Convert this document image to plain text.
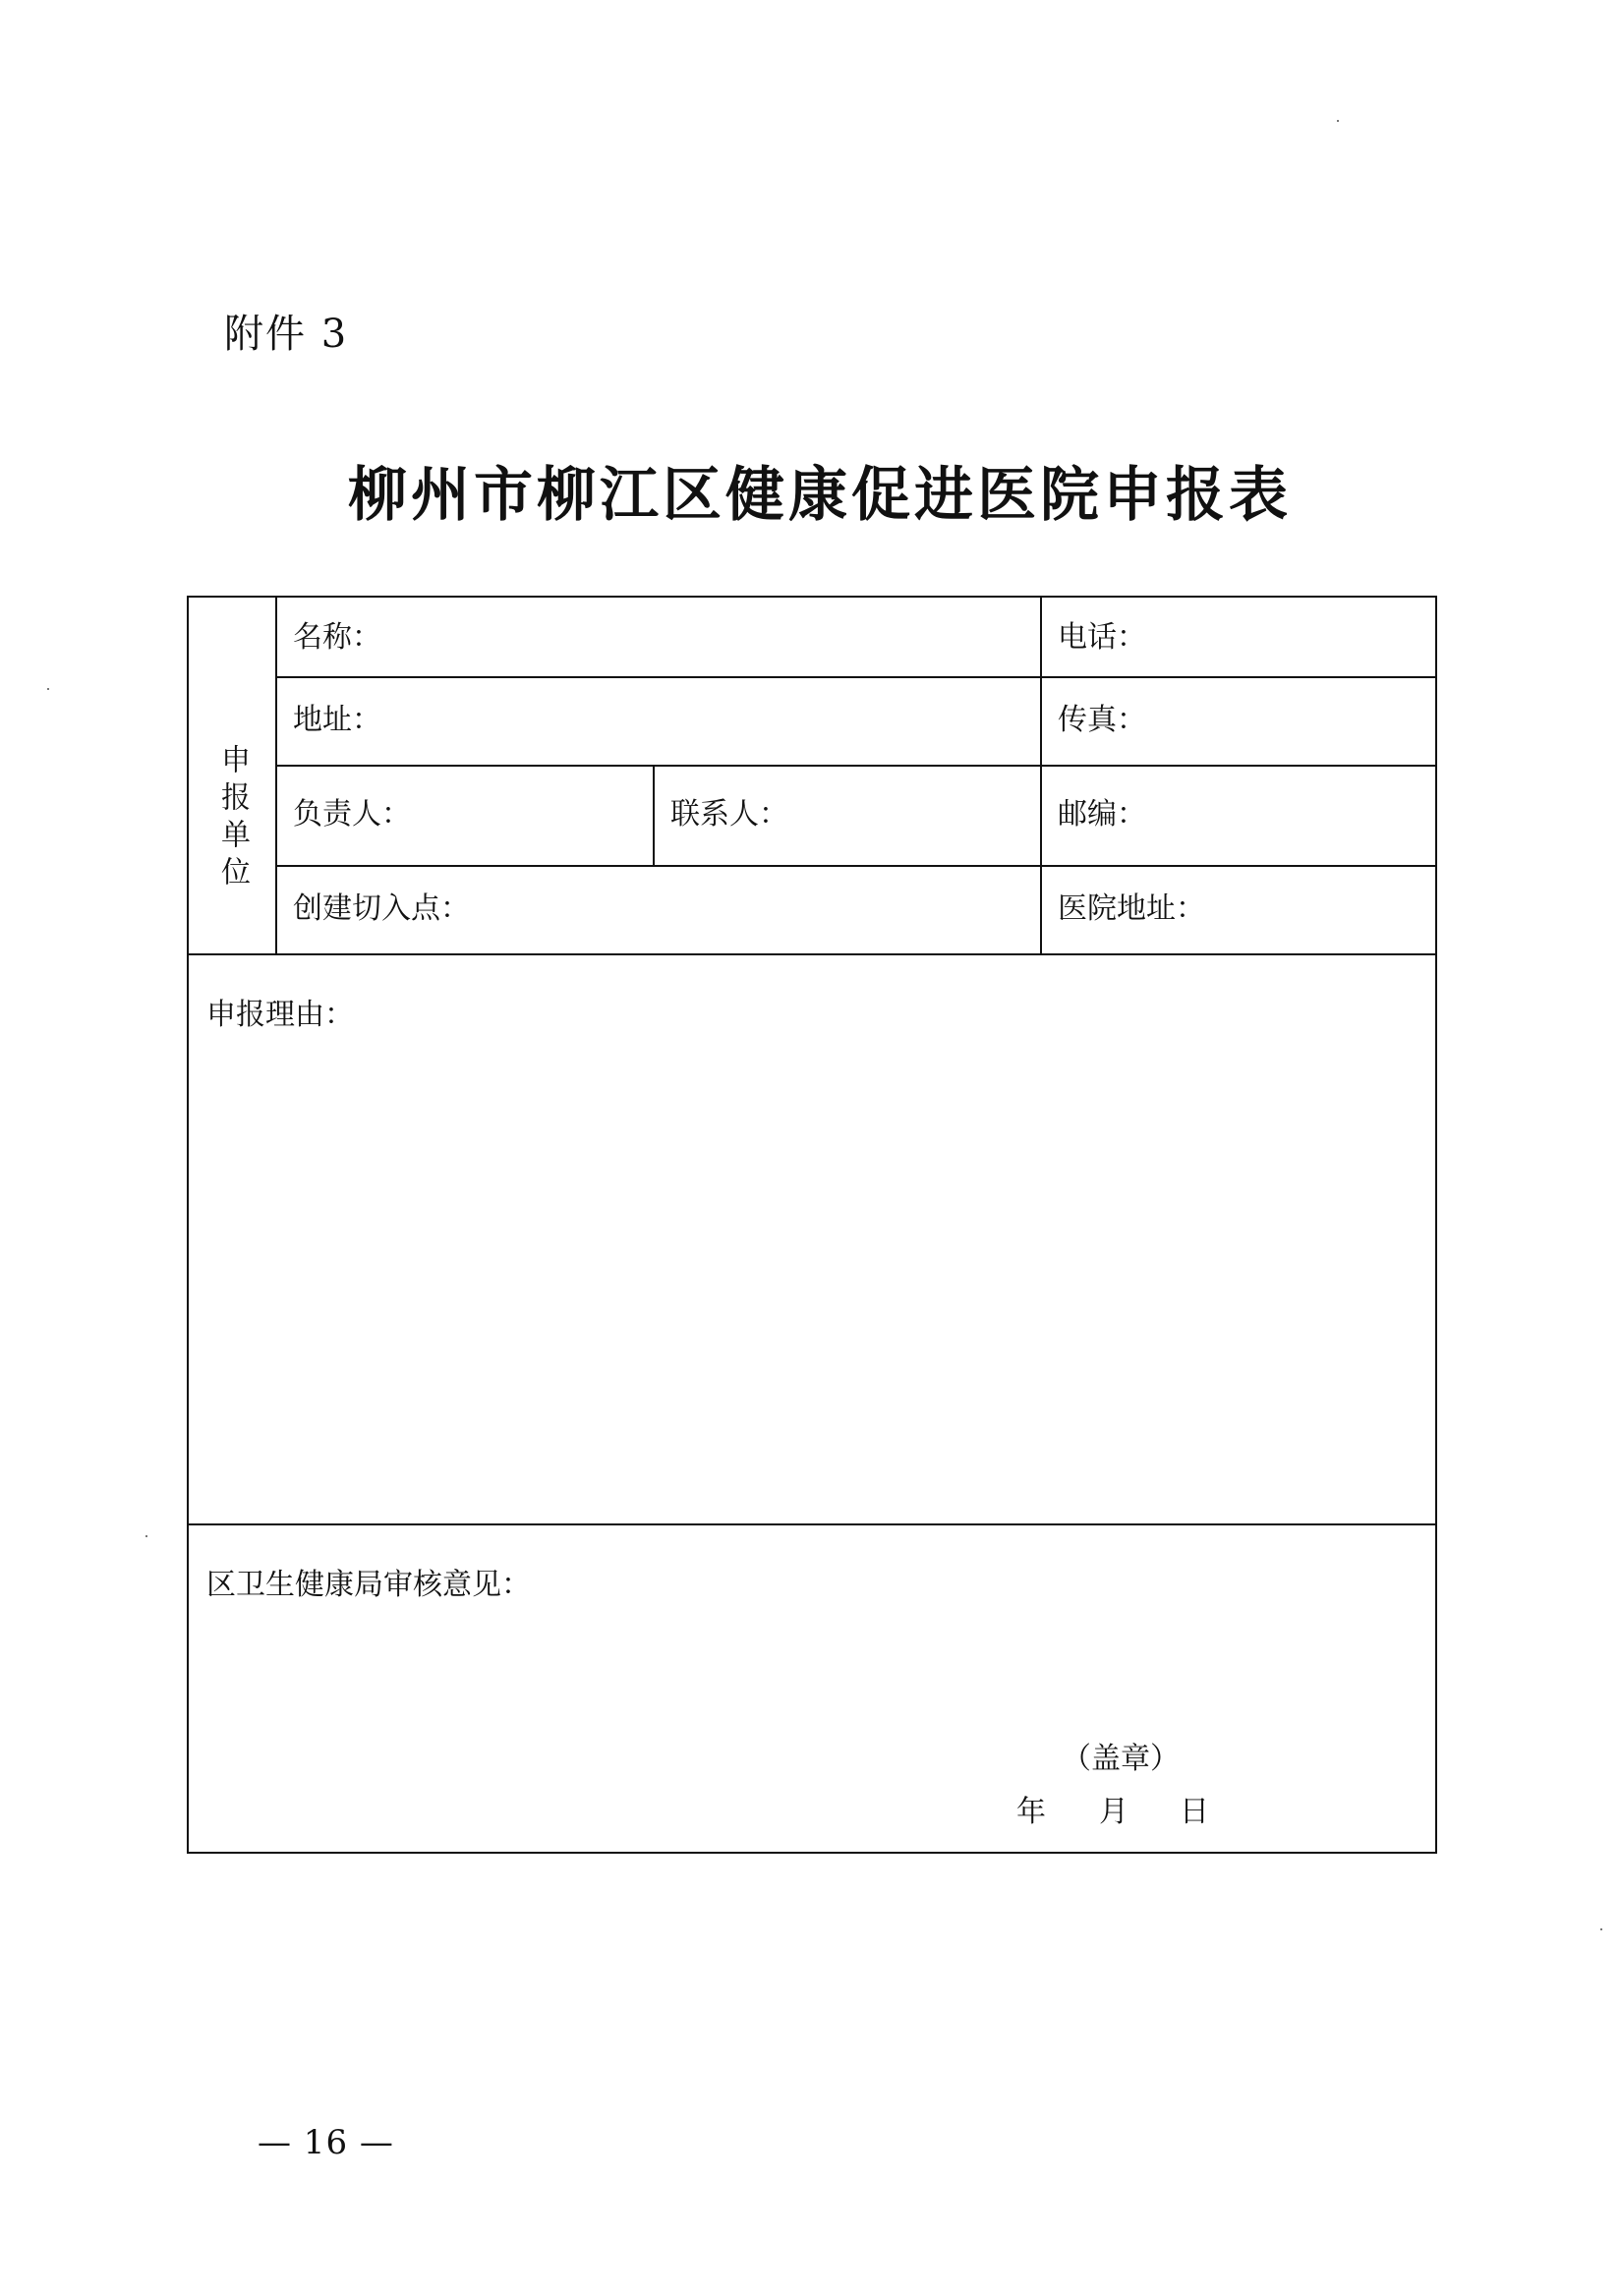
附件 3
柳州市柳江区健康促进医院申报表
申报单位
名称：	电话：
地址：	传真：
负责人：	联系人：	邮编：
创建切入点：	医院地址：
申报理由：
区卫生健康局审核意见：
（盖章）
年 月 日
— 16 —
